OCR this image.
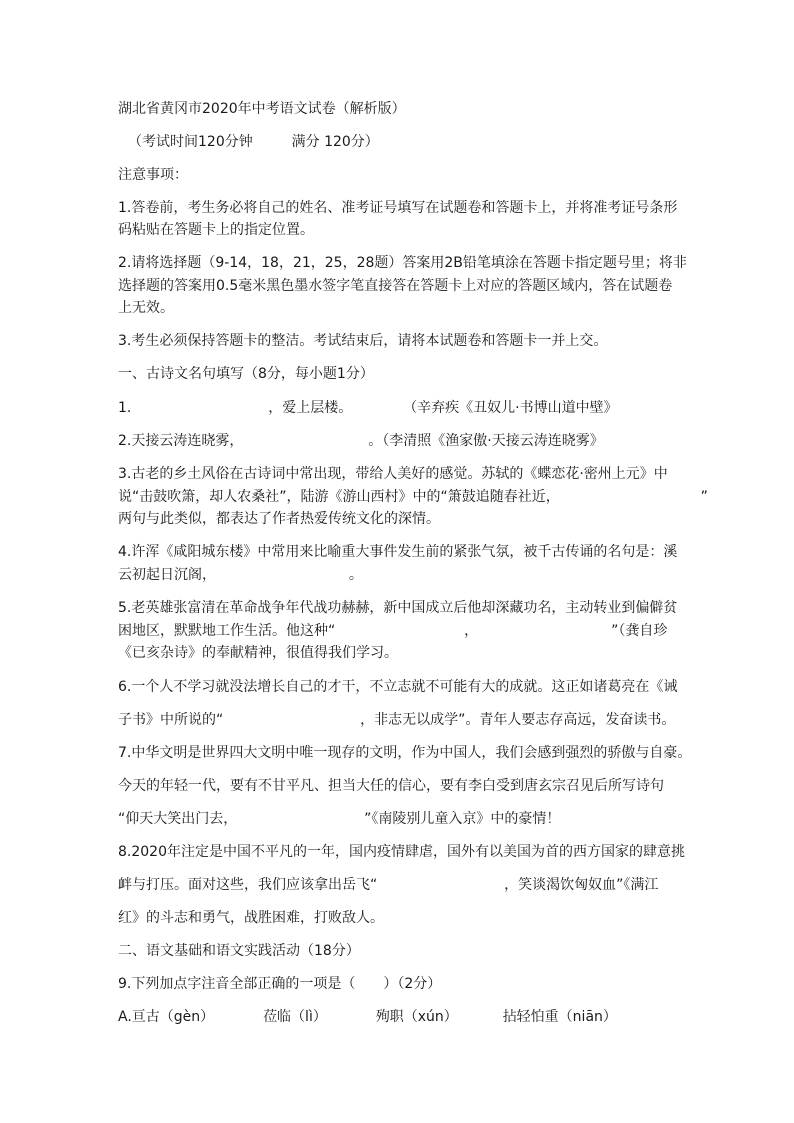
湖北省黄冈市2020年中考语文试卷（解析版）
（考试时间120分钟	满分 120分）
注意事项：
1.答卷前，考生务必将自己的姓名、准考证号填写在试题卷和答题卡上，并将准考证号条形
码粘贴在答题卡上的指定位置。
2.请将选择题（9-14，18，21，25，28题）答案用2B铅笔填涂在答题卡指定题号里；将非
选择题的答案用0.5毫米黑色墨水签字笔直接答在答题卡上对应的答题区域内，答在试题卷
上无效。
3.考生必须保持答题卡的整洁。考试结束后，请将本试题卷和答题卡一并上交。
一、古诗文名句填写（8分，每小题1分）
1.	，爱上层楼。	（辛弃疾《丑奴儿·书博山道中壁》
2.天接云涛连晓雾，	。（李清照《渔家傲·天接云涛连晓雾》
3.古老的乡土风俗在古诗词中常出现，带给人美好的感觉。苏轼的《蝶恋花·密州上元》中
说“击鼓吹箫，却人农桑社”，陆游《游山西村》中的“箫鼓追随春社近，	”
两句与此类似，都表达了作者热爱传统文化的深情。
4.许浑《咸阳城东楼》中常用来比喻重大事件发生前的紧张气氛，被千古传诵的名句是：溪
云初起日沉阁，	。
5.老英雄张富清在革命战争年代战功赫赫，新中国成立后他却深藏功名，主动转业到偏僻贫
困地区，默默地工作生活。他这种“	，	”（龚自珍
《已亥杂诗》的奉献精神，很值得我们学习。
6.一个人不学习就没法增长自己的才干，不立志就不可能有大的成就。这正如诸葛亮在《诫
子书》中所说的“	，非志无以成学”。青年人要志存高远，发奋读书。
7.中华文明是世界四大文明中唯一现存的文明，作为中国人，我们会感到强烈的骄傲与自豪。
今天的年轻一代，要有不甘平凡、担当大任的信心，要有李白受到唐玄宗召见后所写诗句
“仰天大笑出门去，	”《南陵别儿童入京》中的豪情！
8.2020年注定是中国不平凡的一年，国内疫情肆虐，国外有以美国为首的西方国家的肆意挑
衅与打压。面对这些，我们应该拿出岳飞“	，笑谈渴饮匈奴血”《满江
红》的斗志和勇气，战胜困难，打败敌人。
二、语文基础和语文实践活动（18分）
9.下列加点字注音全部正确的一项是（　　）（2分）
A.亘古（gèn）	莅临（lì）	殉职（xún）	拈轻怕重（niān）
